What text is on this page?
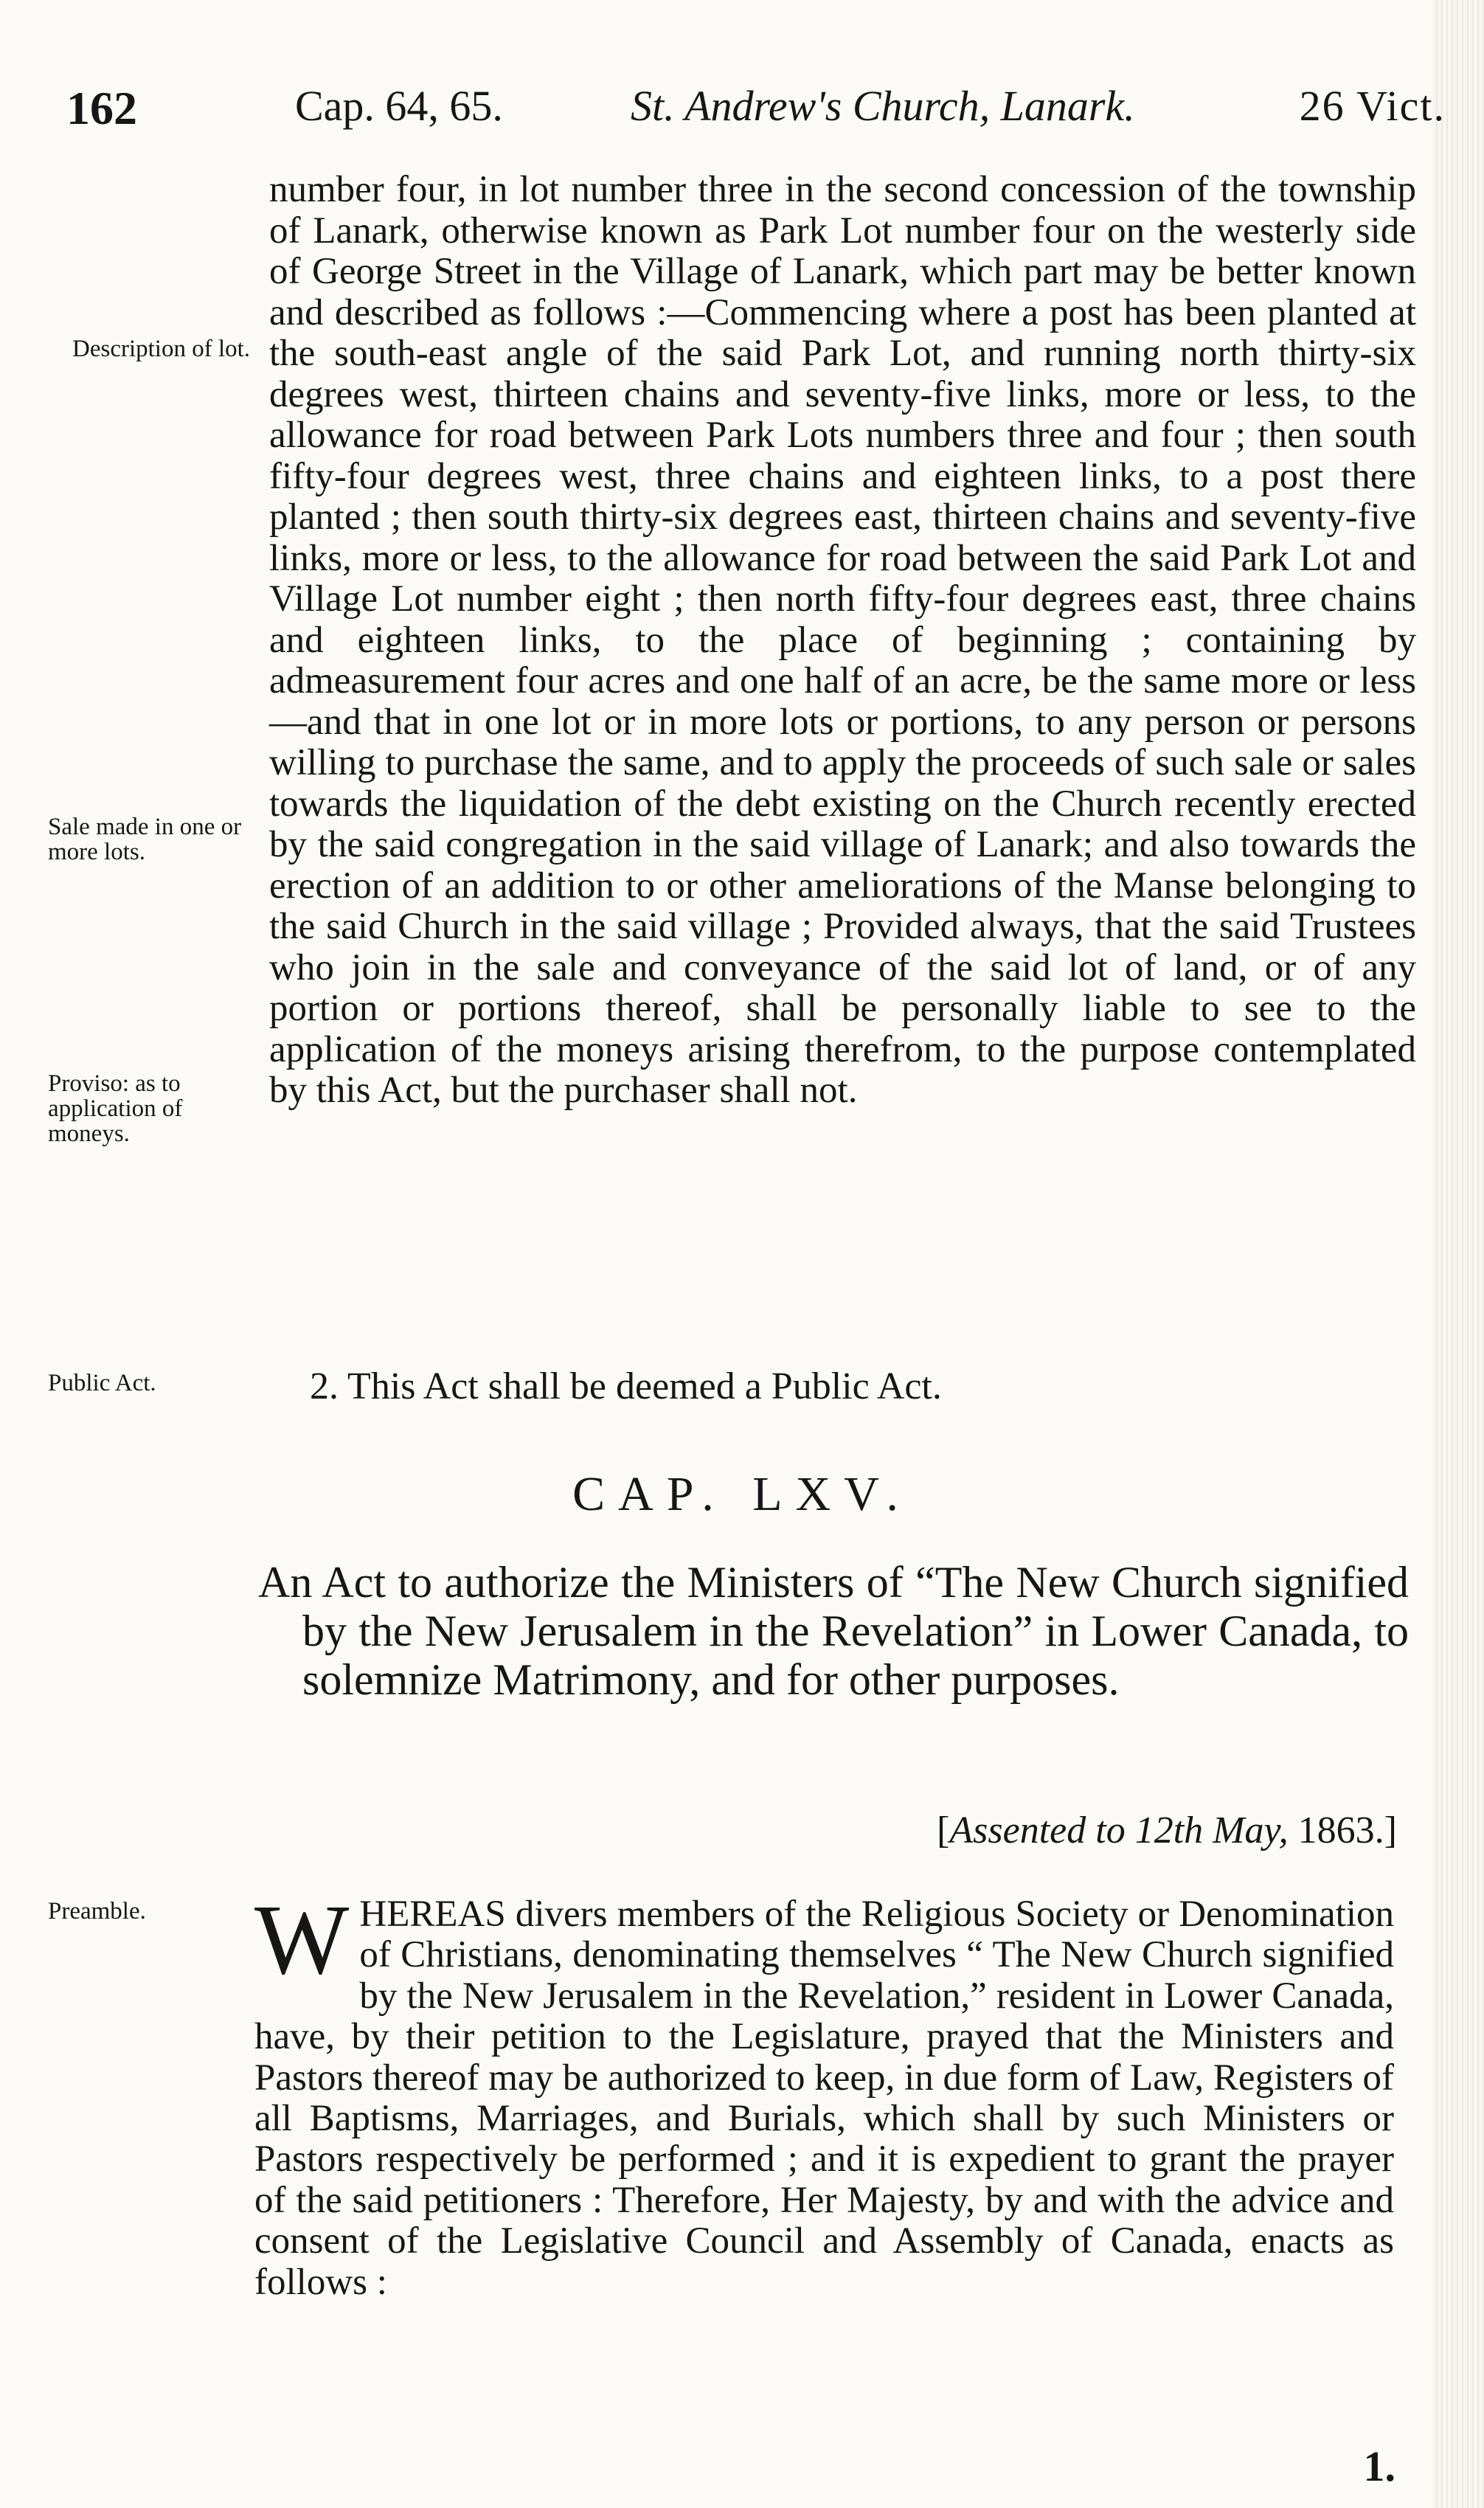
162	Cap. 64, 65.	St. Andrew's Church, Lanark.	26 Vict.
Description of lot.
Sale made in one or more lots.
Proviso: as to application of moneys.
Public Act.
Preamble.

number four, in lot number three in the second concession of the township of Lanark, otherwise known as Park Lot number four on the westerly side of George Street in the Village of Lanark, which part may be better known and described as follows :—Commencing where a post has been planted at the south-east angle of the said Park Lot, and running north thirty-six degrees west, thirteen chains and seventy-five links, more or less, to the allowance for road between Park Lots numbers three and four ; then south fifty-four degrees west, three chains and eighteen links, to a post there planted ; then south thirty-six degrees east, thirteen chains and seventy-five links, more or less, to the allowance for road between the said Park Lot and Village Lot number eight ; then north fifty-four degrees east, three chains and eighteen links, to the place of beginning ; containing by admeasurement four acres and one half of an acre, be the same more or less—and that in one lot or in more lots or portions, to any person or persons willing to purchase the same, and to apply the proceeds of such sale or sales towards the liquidation of the debt existing on the Church recently erected by the said congregation in the said village of Lanark; and also towards the erection of an addition to or other ameliorations of the Manse belonging to the said Church in the said village ; Provided always, that the said Trustees who join in the sale and conveyance of the said lot of land, or of any portion or portions thereof, shall be personally liable to see to the application of the moneys arising therefrom, to the purpose contemplated by this Act, but the purchaser shall not.

2. This Act shall be deemed a Public Act.
CAP. LXV.

An Act to authorize the Ministers of “The New Church signified by the New Jerusalem in the Revelation” in Lower Canada, to solemnize Matrimony, and for other purposes.

[Assented to 12th May, 1863.]
W HEREAS divers members of the Religious Society or Denomination of Christians, denominating themselves “ The New Church signified by the New Jerusalem in the Revelation,” resident in Lower Canada, have, by their petition to the Legislature, prayed that the Ministers and Pastors thereof may be authorized to keep, in due form of Law, Registers of all Baptisms, Marriages, and Burials, which shall by such Ministers or Pastors respectively be performed ; and it is expedient to grant the prayer of the said petitioners : Therefore, Her Majesty, by and with the advice and consent of the Legislative Council and Assembly of Canada, enacts as follows :
1.
